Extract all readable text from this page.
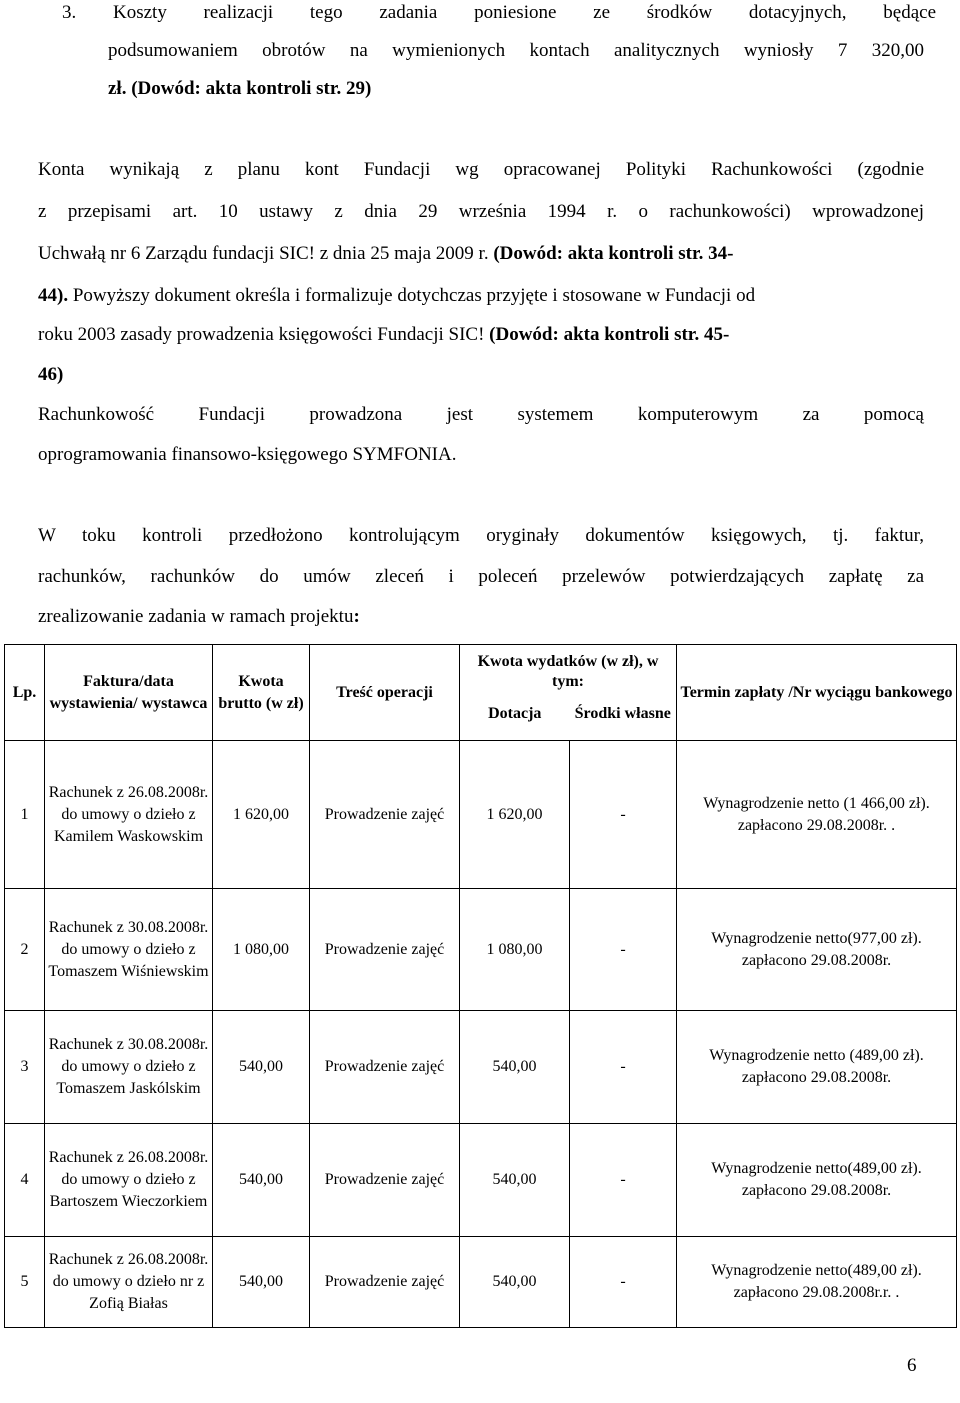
3. Koszty realizacji tego zadania poniesione ze środków dotacyjnych, będące
podsumowaniem obrotów na wymienionych kontach analitycznych wyniosły 7 320,00
zł. (Dowód: akta kontroli str. 29)
Konta wynikają z planu kont Fundacji wg opracowanej Polityki Rachunkowości (zgodnie
z przepisami art. 10 ustawy z dnia 29 września 1994 r. o rachunkowości) wprowadzonej
Uchwałą nr 6 Zarządu fundacji SIC! z dnia 25 maja 2009 r. (Dowód: akta kontroli str. 34-
44). Powyższy dokument określa i formalizuje dotychczas przyjęte i stosowane w Fundacji od
roku 2003 zasady prowadzenia księgowości Fundacji SIC! (Dowód: akta kontroli str. 45-
46)
Rachunkowość Fundacji prowadzona jest systemem komputerowym za pomocą
oprogramowania finansowo-księgowego SYMFONIA.
W toku kontroli przedłożono kontrolującym oryginały dokumentów księgowych, tj. faktur,
rachunków, rachunków do umów zleceń i poleceń przelewów potwierdzających zapłatę za
zrealizowanie zadania w ramach projektu:
Lp.	Faktura/data wystawienia/ wystawca	Kwota brutto (w zł)	Treść operacji	Kwota wydatków (w zł), w tym:
Dotacja Środki własne		Termin zapłaty /Nr wyciągu bankowego
1	Rachunek z 26.08.2008r. do umowy o dzieło z Kamilem Waskowskim	1 620,00	Prowadzenie zajęć	1 620,00	-	Wynagrodzenie netto (1 466,00 zł). zapłacono 29.08.2008r. .
2	Rachunek z 30.08.2008r. do umowy o dzieło z Tomaszem Wiśniewskim	1 080,00	Prowadzenie zajęć	1 080,00	-	Wynagrodzenie netto(977,00 zł). zapłacono 29.08.2008r.
3	Rachunek z 30.08.2008r. do umowy o dzieło z Tomaszem Jaskólskim	540,00	Prowadzenie zajęć	540,00	-	Wynagrodzenie netto (489,00 zł). zapłacono 29.08.2008r.
4	Rachunek z 26.08.2008r. do umowy o dzieło z Bartoszem Wieczorkiem	540,00	Prowadzenie zajęć	540,00	-	Wynagrodzenie netto(489,00 zł). zapłacono 29.08.2008r.
5	Rachunek z 26.08.2008r. do umowy o dzieło nr z Zofią Białas	540,00	Prowadzenie zajęć	540,00	-	Wynagrodzenie netto(489,00 zł). zapłacono 29.08.2008r.r. .
6
